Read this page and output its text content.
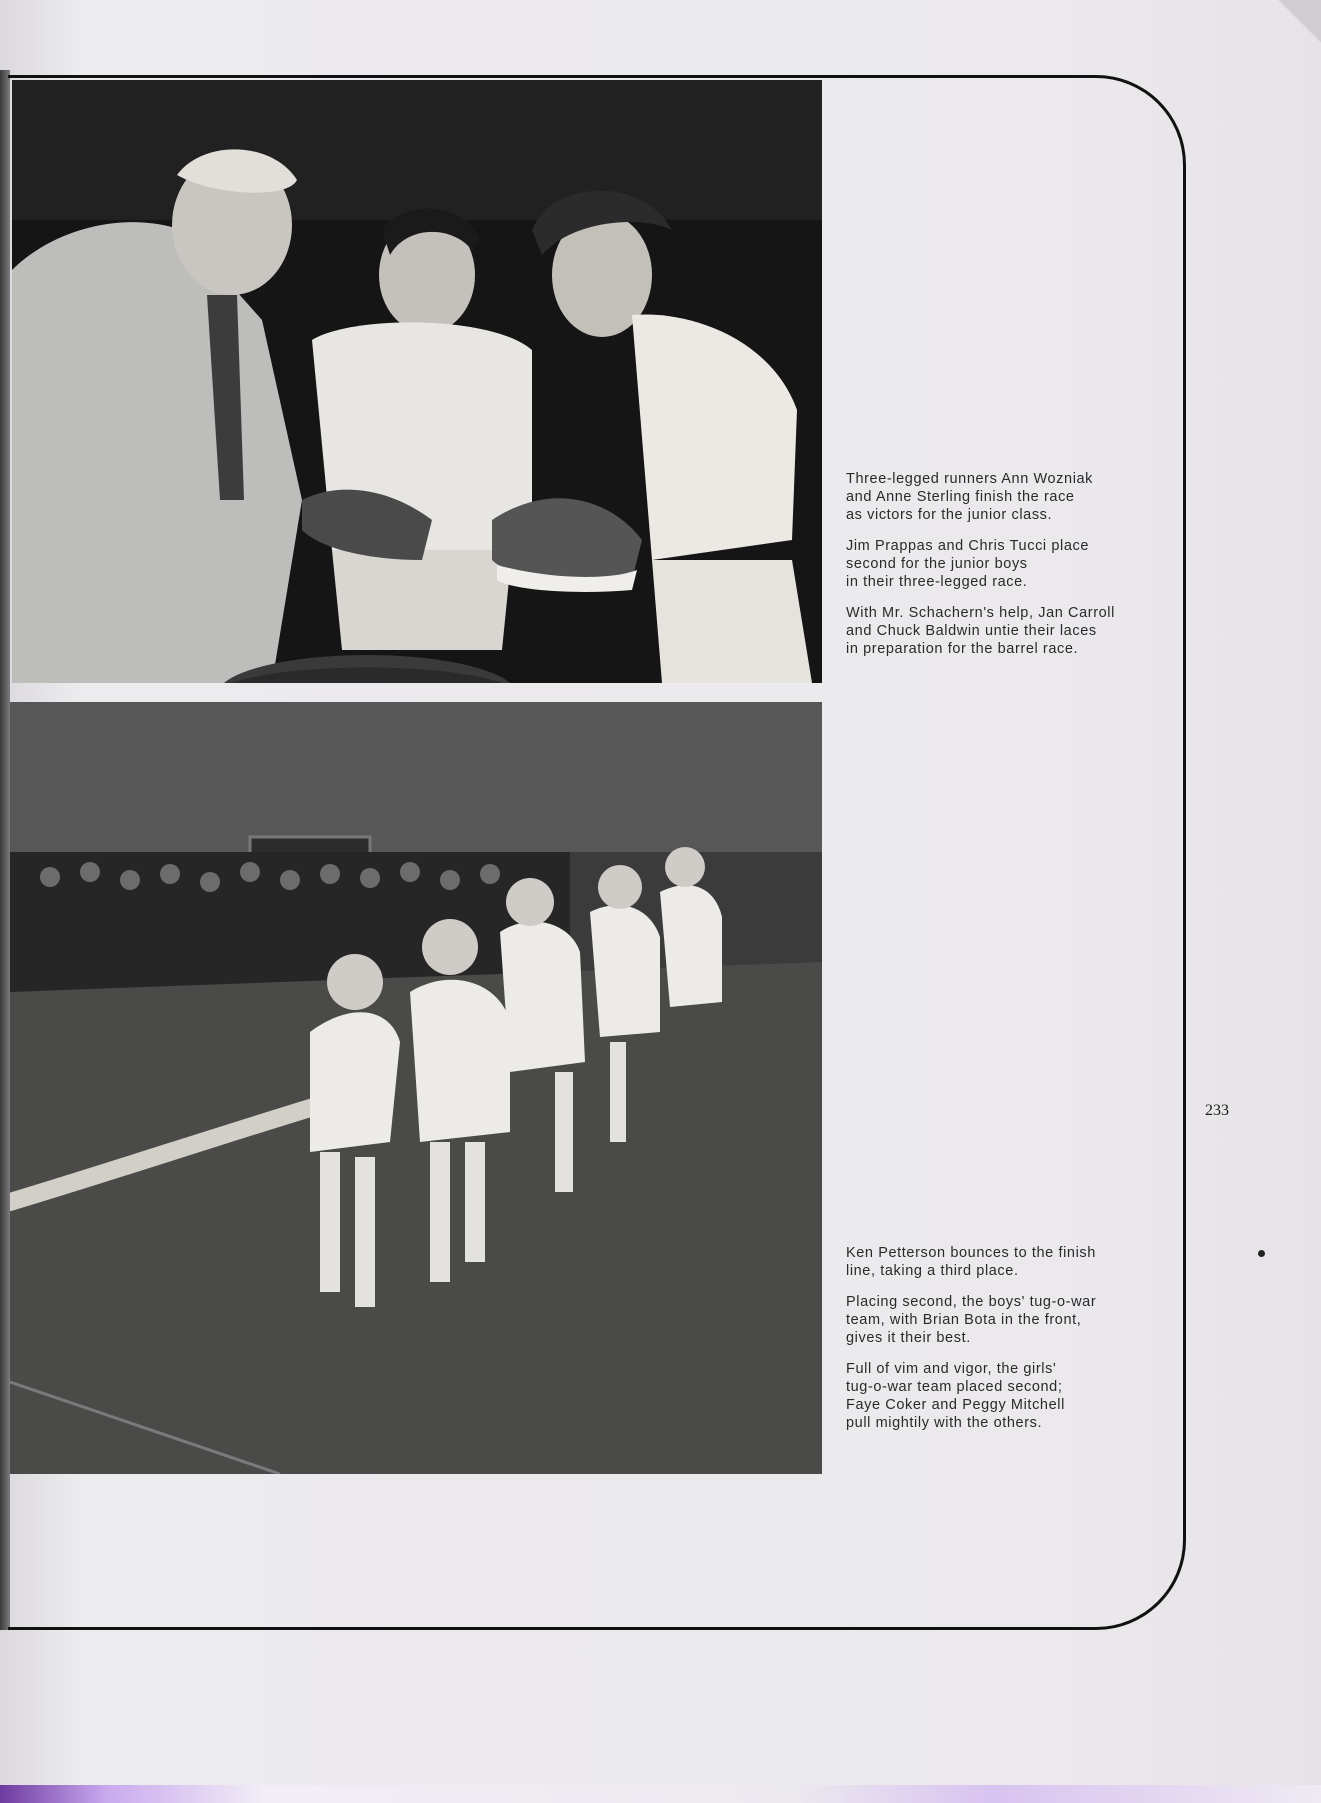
Three-legged runners Ann Wozniak
and Anne Sterling finish the race
as victors for the junior class.

Jim Prappas and Chris Tucci place
second for the junior boys
in their three-legged race.

With Mr. Schachern's help, Jan Carroll
and Chuck Baldwin untie their laces
in preparation for the barrel race.

Ken Petterson bounces to the finish
line, taking a third place.

Placing second, the boys' tug-o-war
team, with Brian Bota in the front,
gives it their best.

Full of vim and vigor, the girls'
tug-o-war team placed second;
Faye Coker and Peggy Mitchell
pull mightily with the others.

233
